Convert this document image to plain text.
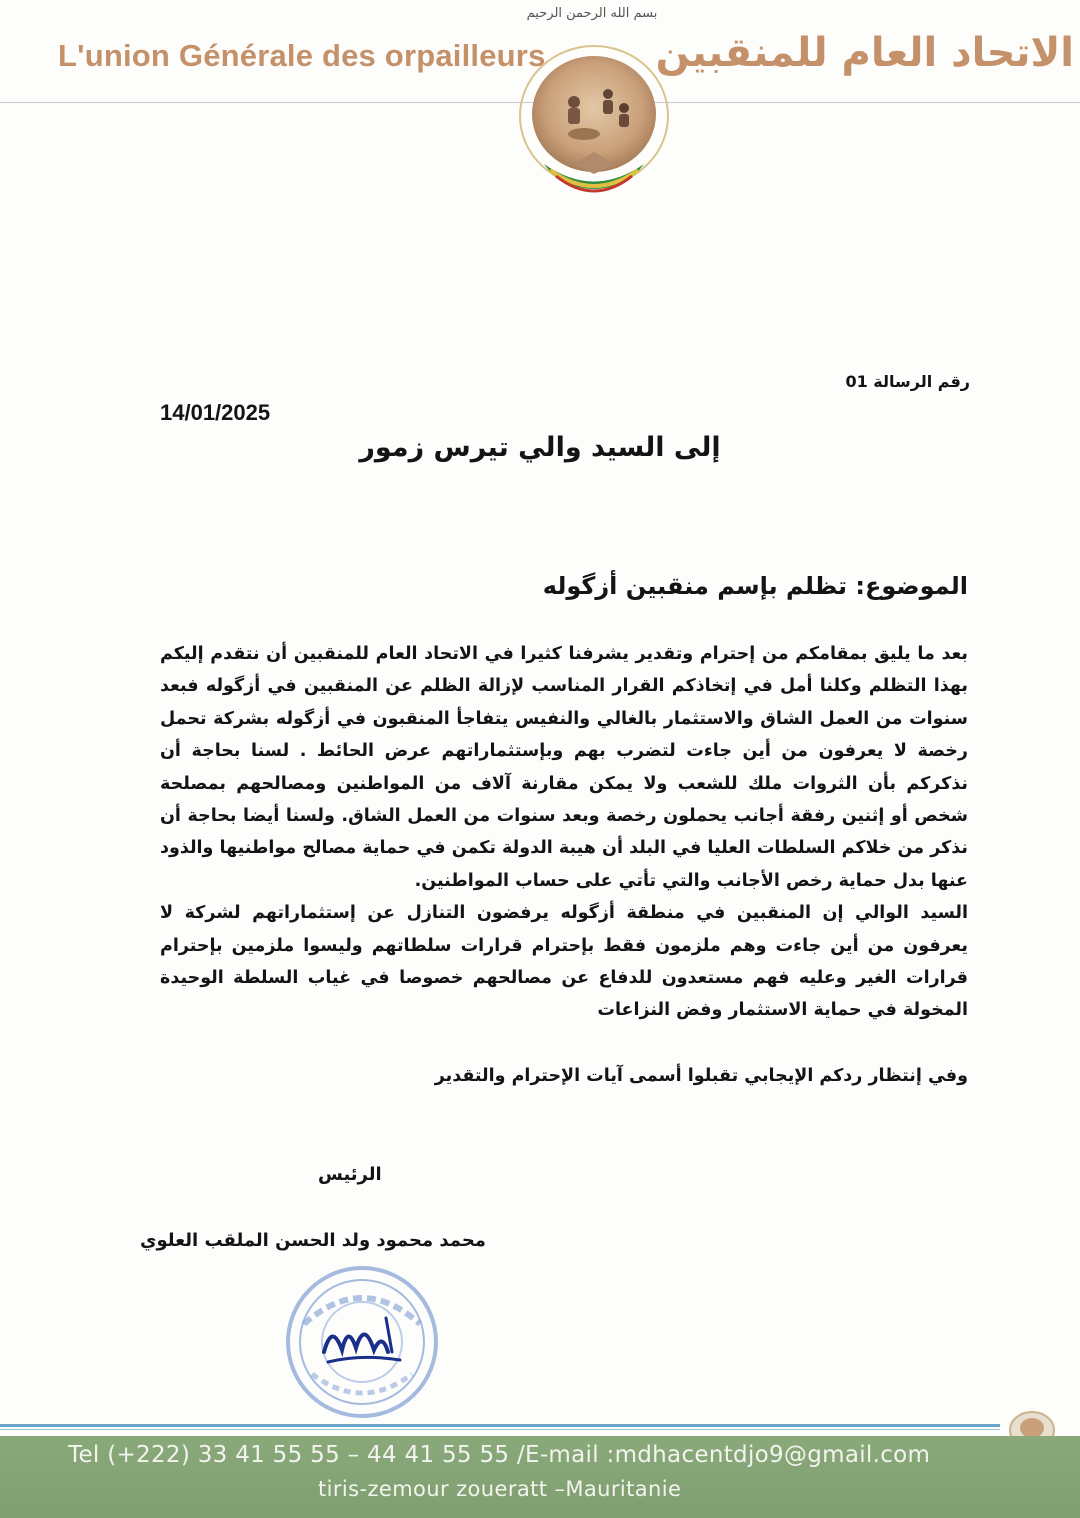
بسم الله الرحمن الرحيم
L'union Générale des orpailleurs	الاتحاد العام للمنقبين
رقم الرسالة 01
14/01/2025
إلى السيد والي تيرس زمور
الموضوع: تظلم بإسم منقبين أزگوله

بعد ما يليق بمقامكم من إحترام وتقدير يشرفنا كثيرا في الاتحاد العام للمنقبين أن نتقدم إليكم بهذا التظلم وكلنا أمل في إتخاذكم القرار المناسب لإزالة الظلم عن المنقبين في أزگوله فبعد سنوات من العمل الشاق والاستثمار بالغالي والنفيس يتفاجأ المنقبون في أزگوله بشركة تحمل رخصة لا يعرفون من أين جاءت لتضرب بهم وبإستثماراتهم عرض الحائط . لسنا بحاجة أن نذكركم بأن الثروات ملك للشعب ولا يمكن مقارنة آلاف من المواطنين ومصالحهم بمصلحة شخص أو إثنين رفقة أجانب يحملون رخصة وبعد سنوات من العمل الشاق. ولسنا أيضا بحاجة أن نذكر من خلاكم السلطات العليا في البلد أن هيبة الدولة تكمن في حماية مصالح مواطنيها والذود عنها بدل حماية رخص الأجانب والتي تأتي على حساب المواطنين.

السيد الوالي إن المنقبين في منطقة أزگوله يرفضون التنازل عن إستثماراتهم لشركة لا يعرفون من أين جاءت وهم ملزمون فقط بإحترام قرارات سلطاتهم وليسوا ملزمين بإحترام قرارات الغير وعليه فهم مستعدون للدفاع عن مصالحهم خصوصا في غياب السلطة الوحيدة المخولة في حماية الاستثمار وفض النزاعات

وفي إنتظار ردكم الإيجابي تقبلوا أسمى آيات الإحترام والتقدير
الرئيس
محمد محمود ولد الحسن الملقب العلوي
Tel (+222) 33 41 55 55 – 44 41 55 55 /E-mail :mdhacentdjo9@gmail.com
tiris-zemour zoueratt –Mauritanie
